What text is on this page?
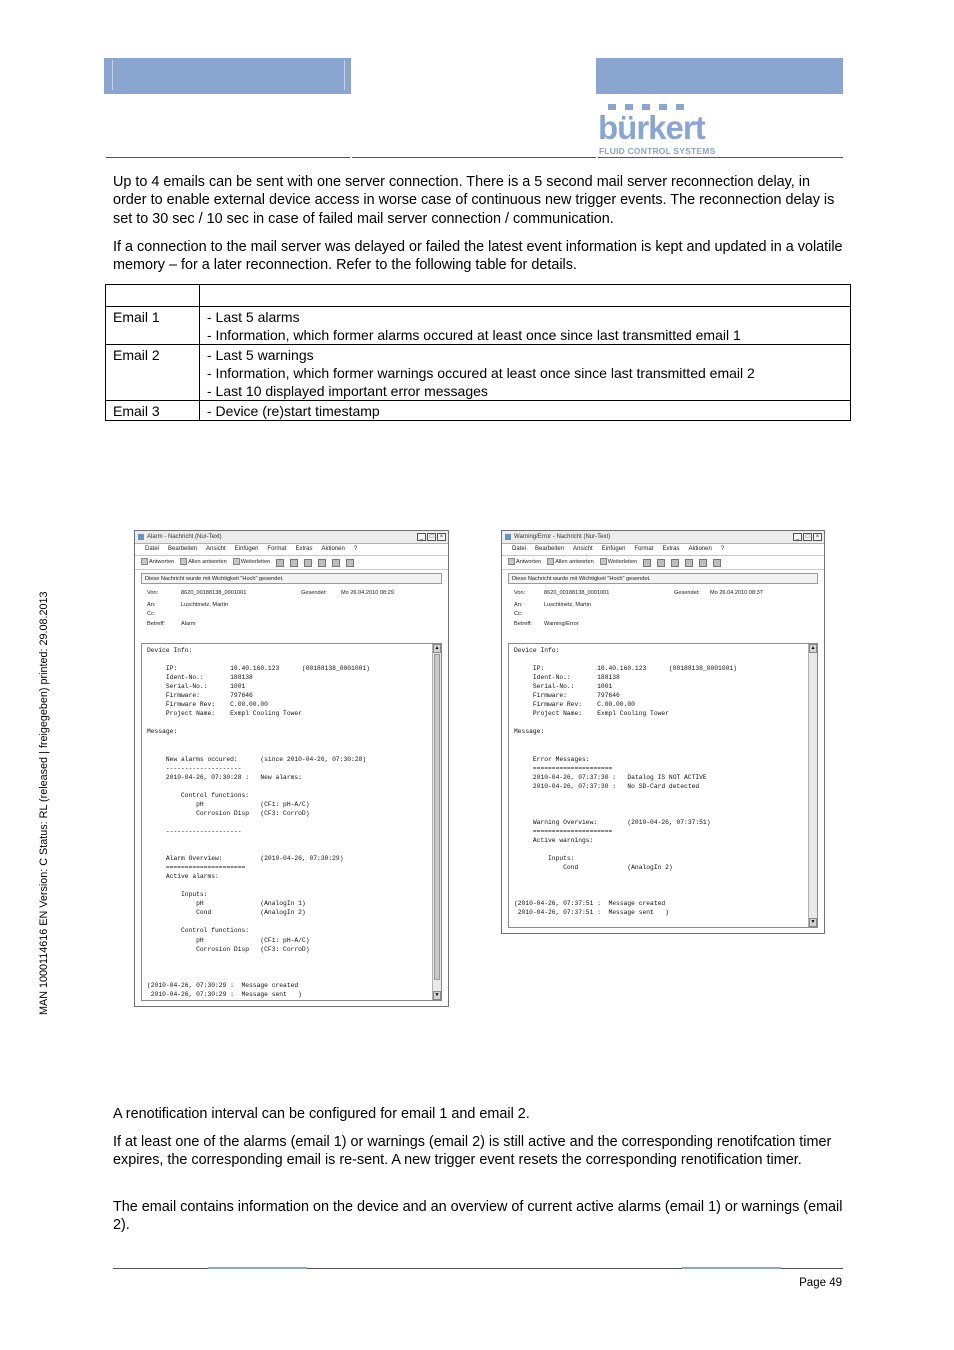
bürkert
FLUID CONTROL SYSTEMS

Up to 4 emails can be sent with one server connection. There is a 5 second mail server reconnection delay, in order to enable external device access in worse case of continuous new trigger events. The reconnection delay is set to 30 sec / 10 sec in case of failed mail server connection / communication.

If a connection to the mail server was delayed or failed the latest event information is kept and updated in a volatile memory – for a later reconnection. Refer to the following table for details.

Email 1	- Last 5 alarms
- Information, which former alarms occured at least once since last transmitted email 1

Email 2	- Last 5 warnings
- Information, which former warnings occured at least once since last transmitted email 2
- Last 10 displayed important error messages

Email 3	- Device (re)start timestamp
Alarm - Nachricht (Nur-Text)	_	□	×
Datei Bearbeiten Ansicht Einfügen Format Extras Aktionen ?
Antworten	Allen antworten	Weiterleiten
Diese Nachricht wurde mit Wichtigkeit "Hoch" gesendet.
Von:	8620_00188138_0001001	Gesendet:	Mo 26.04.2010 08:29
An:	Luschtinetz, Martin
Cc:
Betreff:	Alarm
Device Info:

IP:              10.40.160.123      (00188138_0001001)
Ident-No.:       188138
Serial-No.:      1001
Firmware:        797646
Firmware Rev:    C.00.00.00
Project Name:    Exmpl Cooling Tower

Message:

New alarms occured:      (since 2010-04-26, 07:30:28)
--------------------
2010-04-26, 07:30:28 :   New alarms:

Control functions:
pH               (CF1: pH-A/C)
Corrosion Disp   (CF3: CorroD)

--------------------

Alarm Overview:          (2010-04-26, 07:30:29)
=====================
Active alarms:

Inputs:
pH               (AnalogIn 1)
Cond             (AnalogIn 2)

Control functions:
pH               (CF1: pH-A/C)
Corrosion Disp   (CF3: CorroD)

(2010-04-26, 07:30:29 :  Message created
2010-04-26, 07:30:29 :  Message sent   )
▲
▼
Warning/Error - Nachricht (Nur-Text)	_	□	×
Datei Bearbeiten Ansicht Einfügen Format Extras Aktionen ?
Antworten	Allen antworten	Weiterleiten
Diese Nachricht wurde mit Wichtigkeit "Hoch" gesendet.
Von:	8620_00188138_0001001	Gesendet: Mo 26.04.2010 08:37
An:	Luschtinetz, Martin
Cc:
Betreff: Warning/Error
Device Info:

IP:              10.40.160.123      (00188138_0001001)
Ident-No.:       188138
Serial-No.:      1001
Firmware:        797646
Firmware Rev:    C.00.00.00
Project Name:    Exmpl Cooling Tower

Message:

Error Messages:
=====================
2010-04-26, 07:37:30 :   Datalog IS NOT ACTIVE
2010-04-26, 07:37:30 :   No SD-Card detected

Warning Overview:        (2010-04-26, 07:37:51)
=====================
Active warnings:

Inputs:
Cond             (AnalogIn 2)

(2010-04-26, 07:37:51 :  Message created
2010-04-26, 07:37:51 :  Message sent   )
▲
▼

A renotification interval can be configured for email 1 and email 2.

If at least one of the alarms (email 1) or warnings (email 2) is still active and the corresponding renotifcation timer expires, the corresponding email is re-sent. A new trigger event resets the corresponding renotification timer.

The email contains information on the device and an overview of current active alarms (email 1) or warnings (email 2).

MAN 1000114616 EN Version: C Status: RL (released | freigegeben) printed: 29.08.2013
Page 49
